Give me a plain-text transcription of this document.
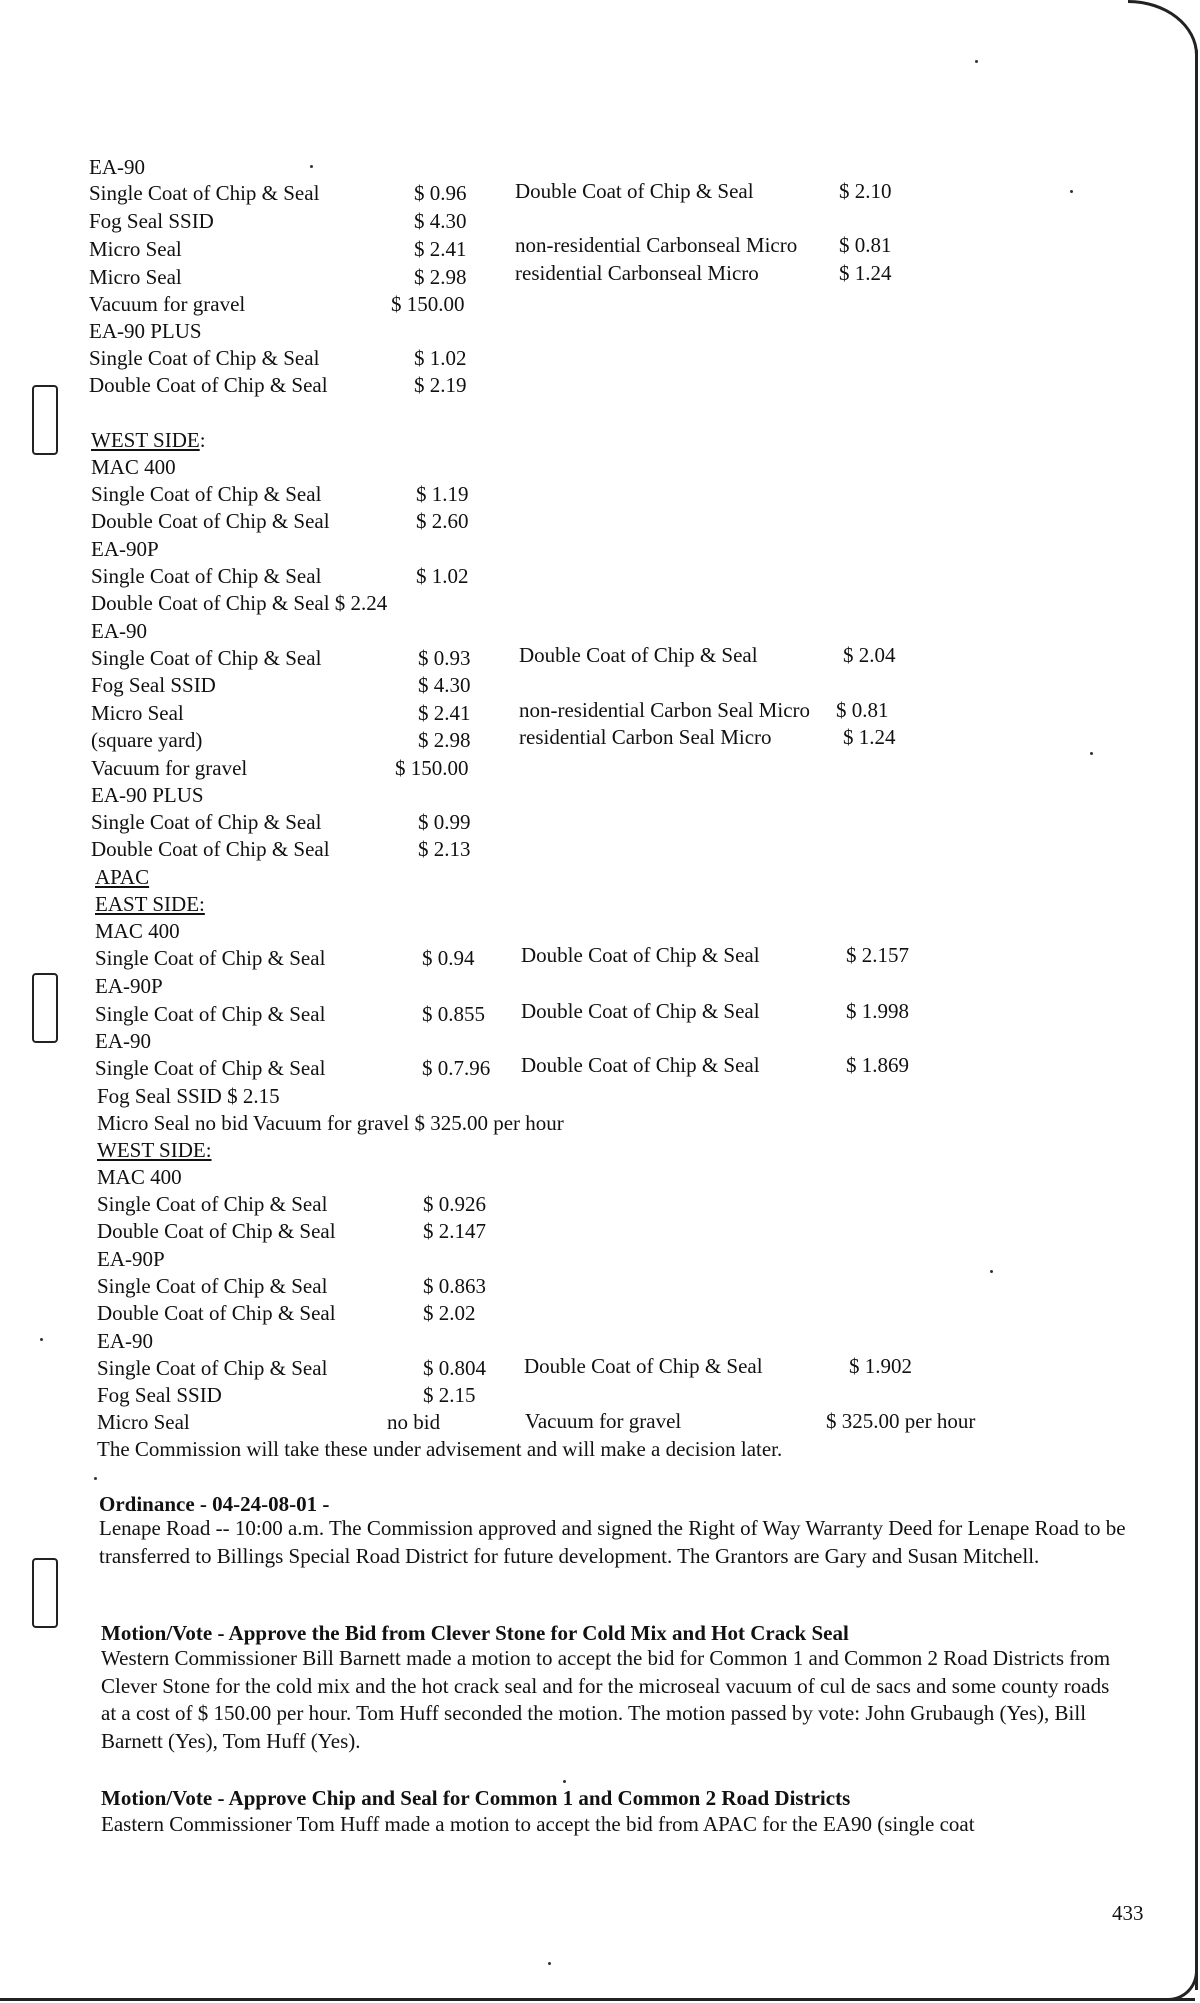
EA-90
Single Coat of Chip & Seal	$ 0.96 Double Coat of Chip & Seal	$ 2.10
Fog Seal SSID	$ 4.30
Micro Seal	$ 2.41 non-residential Carbonseal Micro $ 0.81
Micro Seal	$ 2.98 residential Carbonseal Micro	$ 1.24
Vacuum for gravel	$ 150.00
EA-90 PLUS
Single Coat of Chip & Seal	$ 1.02
Double Coat of Chip & Seal	$ 2.19
WEST SIDE:
MAC 400
Single Coat of Chip & Seal	$ 1.19
Double Coat of Chip & Seal	$ 2.60
EA-90P
Single Coat of Chip & Seal	$ 1.02
Double Coat of Chip & Seal $ 2.24
EA-90
Single Coat of Chip & Seal	$ 0.93 Double Coat of Chip & Seal	$ 2.04
Fog Seal SSID	$ 4.30
Micro Seal	$ 2.41 non-residential Carbon Seal Micro $ 0.81
(square yard)	$ 2.98 residential Carbon Seal Micro	$ 1.24
Vacuum for gravel	$ 150.00
EA-90 PLUS
Single Coat of Chip & Seal	$ 0.99
Double Coat of Chip & Seal	$ 2.13
APAC
EAST SIDE:
MAC 400
Single Coat of Chip & Seal	$ 0.94 Double Coat of Chip & Seal	$ 2.157
EA-90P
Single Coat of Chip & Seal	$ 0.855 Double Coat of Chip & Seal	$ 1.998
EA-90
Single Coat of Chip & Seal	$ 0.7.96 Double Coat of Chip & Seal	$ 1.869
Fog Seal SSID $ 2.15
Micro Seal no bid Vacuum for gravel $ 325.00 per hour
WEST SIDE:
MAC 400
Single Coat of Chip & Seal	$ 0.926
Double Coat of Chip & Seal	$ 2.147
EA-90P
Single Coat of Chip & Seal	$ 0.863
Double Coat of Chip & Seal	$ 2.02
EA-90
Single Coat of Chip & Seal	$ 0.804 Double Coat of Chip & Seal	$ 1.902
Fog Seal SSID	$ 2.15
Micro Seal	no bid	Vacuum for gravel	$ 325.00 per hour
The Commission will take these under advisement and will make a decision later.
Ordinance - 04-24-08-01 -
Lenape Road -- 10:00 a.m. The Commission approved and signed the Right of Way Warranty Deed for Lenape Road to be transferred to Billings Special Road District for future development. The Grantors are Gary and Susan Mitchell.
Motion/Vote - Approve the Bid from Clever Stone for Cold Mix and Hot Crack Seal
Western Commissioner Bill Barnett made a motion to accept the bid for Common 1 and Common 2 Road Districts from Clever Stone for the cold mix and the hot crack seal and for the microseal vacuum of cul de sacs and some county roads at a cost of $ 150.00 per hour. Tom Huff seconded the motion. The motion passed by vote: John Grubaugh (Yes), Bill Barnett (Yes), Tom Huff (Yes).
Motion/Vote - Approve Chip and Seal for Common 1 and Common 2 Road Districts
Eastern Commissioner Tom Huff made a motion to accept the bid from APAC for the EA90 (single coat
433
